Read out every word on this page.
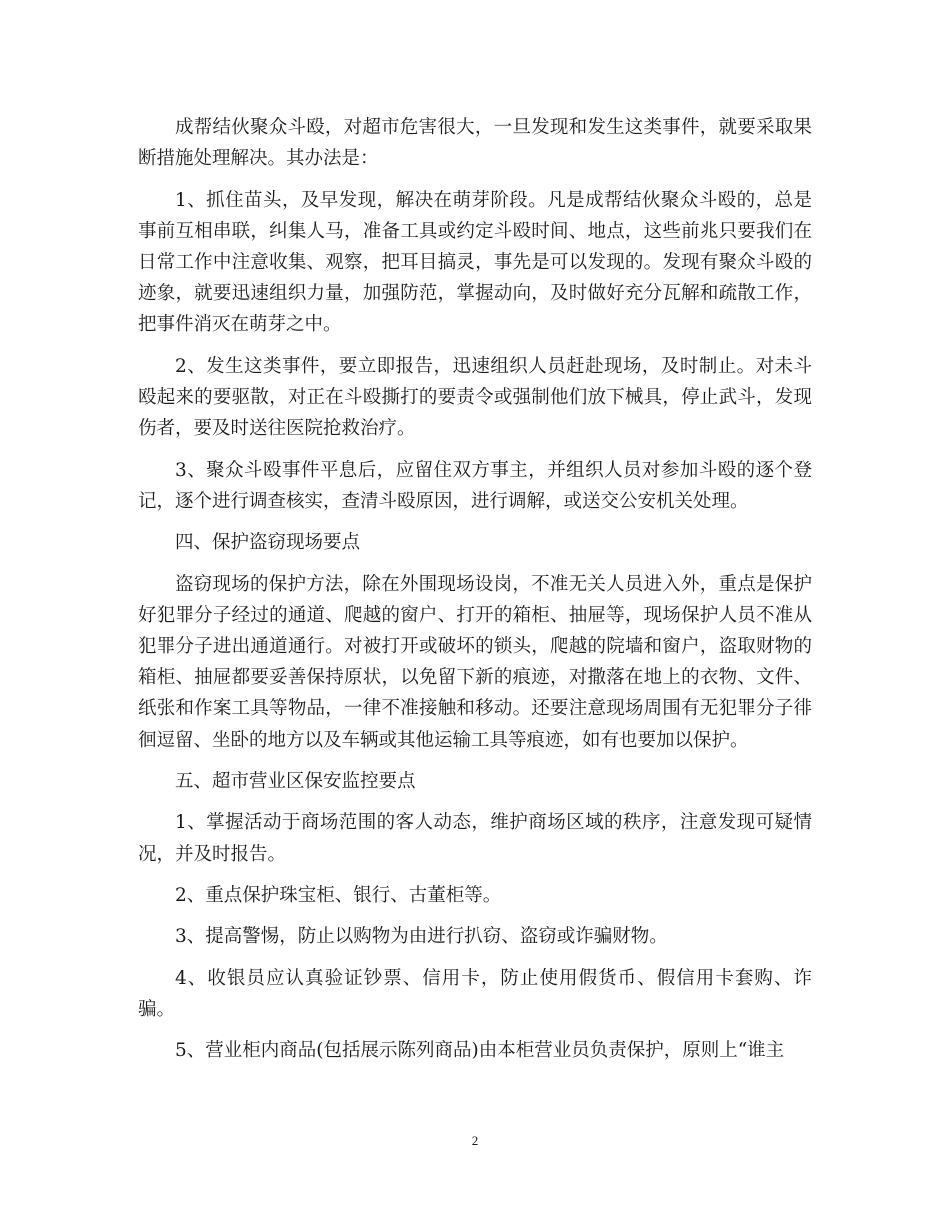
成帮结伙聚众斗殴，对超市危害很大，一旦发现和发生这类事件，就要采取果断措施处理解决。其办法是：

1、抓住苗头，及早发现，解决在萌芽阶段。凡是成帮结伙聚众斗殴的，总是事前互相串联，纠集人马，准备工具或约定斗殴时间、地点，这些前兆只要我们在日常工作中注意收集、观察，把耳目搞灵，事先是可以发现的。发现有聚众斗殴的迹象，就要迅速组织力量，加强防范，掌握动向，及时做好充分瓦解和疏散工作，把事件消灭在萌芽之中。

2、发生这类事件，要立即报告，迅速组织人员赶赴现场，及时制止。对未斗殴起来的要驱散，对正在斗殴撕打的要责令或强制他们放下械具，停止武斗，发现伤者，要及时送往医院抢救治疗。

3、聚众斗殴事件平息后，应留住双方事主，并组织人员对参加斗殴的逐个登记，逐个进行调查核实，查清斗殴原因，进行调解，或送交公安机关处理。

四、保护盗窃现场要点

盗窃现场的保护方法，除在外围现场设岗，不准无关人员进入外，重点是保护好犯罪分子经过的通道、爬越的窗户、打开的箱柜、抽屉等，现场保护人员不准从犯罪分子进出通道通行。对被打开或破坏的锁头，爬越的院墙和窗户，盗取财物的箱柜、抽屉都要妥善保持原状，以免留下新的痕迹，对撒落在地上的衣物、文件、纸张和作案工具等物品，一律不准接触和移动。还要注意现场周围有无犯罪分子徘徊逗留、坐卧的地方以及车辆或其他运输工具等痕迹，如有也要加以保护。

五、超市营业区保安监控要点

1、掌握活动于商场范围的客人动态，维护商场区域的秩序，注意发现可疑情况，并及时报告。

2、重点保护珠宝柜、银行、古董柜等。

3、提高警惕，防止以购物为由进行扒窃、盗窃或诈骗财物。

4、收银员应认真验证钞票、信用卡，防止使用假货币、假信用卡套购、诈骗。

5、营业柜内商品(包括展示陈列商品)由本柜营业员负责保护，原则上“谁主

2
